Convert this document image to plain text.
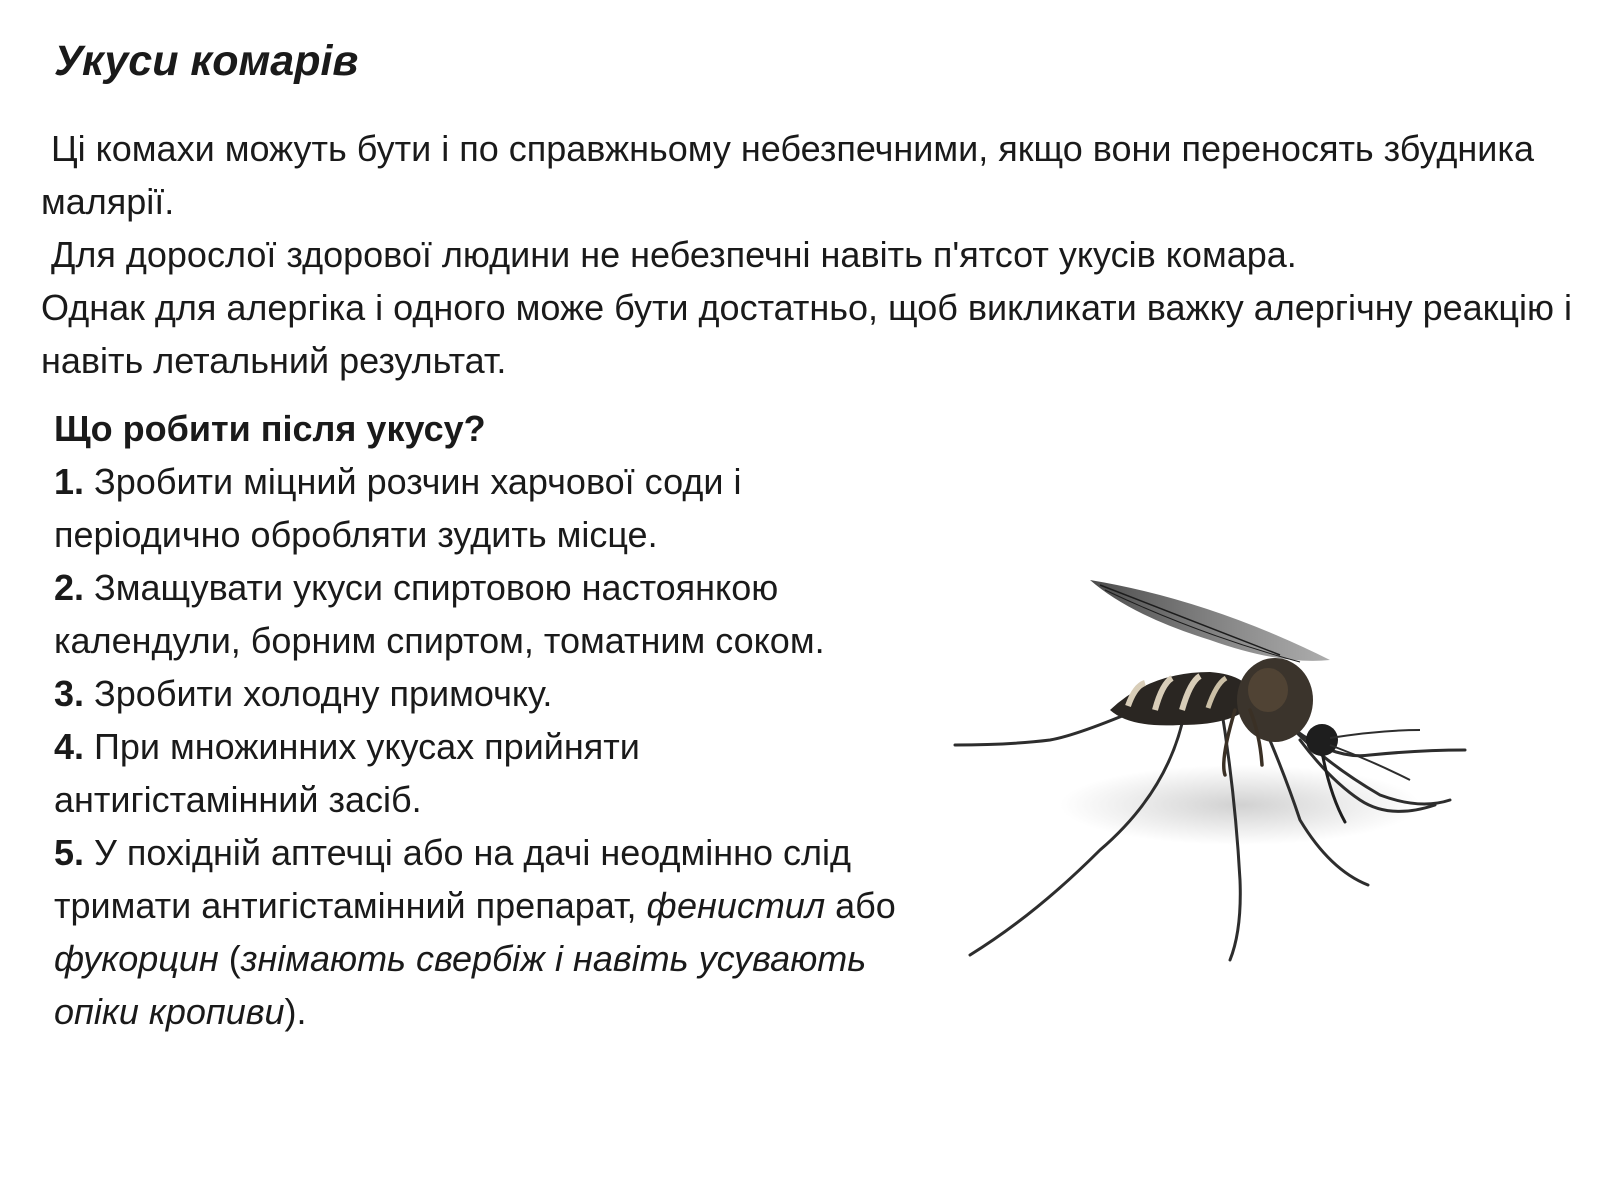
Укуси комарів

Ці комахи можуть бути і по справжньому небезпечними, якщо вони переносять збудника малярії.

Для дорослої здорової людини не небезпечні навіть п'ятсот укусів комара.

Однак для алергіка і одного може бути достатньо, щоб викликати важку алергічну реакцію і навіть летальний результат.

Що робити після укусу?
1. Зробити міцний розчин харчової соди і періодично обробляти зудить місце.
2. Змащувати укуси спиртовою настоянкою календули, борним спиртом, томатним соком.
3. Зробити холодну примочку.
4. При множинних укусах прийняти антигістамінний засіб.
5. У похідній аптечці або на дачі неодмінно слід тримати антигістамінний препарат, фенистил або фукорцин (знімають свербіж і навіть усувають опіки кропиви).
